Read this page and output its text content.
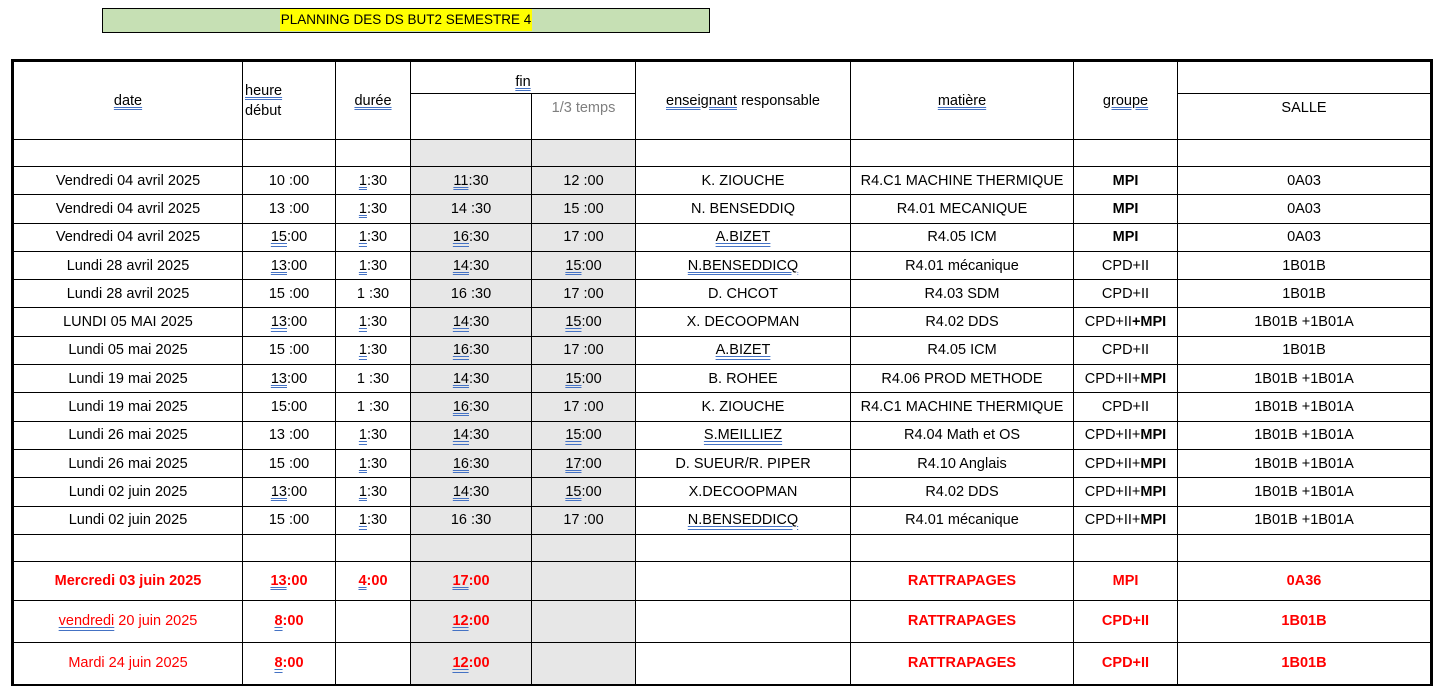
PLANNING DES DS BUT2 SEMESTRE 4
date	heure
début	durée	fin		enseignant responsable	matière	groupe	
				1/3 temps				SALLE

Vendredi 04 avril 2025	10 :00	1:30	11:30	12 :00	K. ZIOUCHE	R4.C1 MACHINE THERMIQUE	MPI	0A03
Vendredi 04 avril 2025	13 :00	1:30	14 :30	15 :00	N. BENSEDDIQ	R4.01 MECANIQUE	MPI	0A03
Vendredi 04 avril 2025	15:00	1:30	16:30	17 :00	A.BIZET	R4.05 ICM	MPI	0A03
Lundi 28 avril 2025	13:00	1:30	14:30	15:00	N.BENSEDDICQ	R4.01 mécanique	CPD+II	1B01B
Lundi 28 avril 2025	15 :00	1 :30	16 :30	17 :00	D. CHCOT	R4.03 SDM	CPD+II	1B01B
LUNDI 05 MAI 2025	13:00	1:30	14:30	15:00	X. DECOOPMAN	R4.02 DDS	CPD+II+MPI	1B01B +1B01A
Lundi 05 mai 2025	15 :00	1:30	16:30	17 :00	A.BIZET	R4.05 ICM	CPD+II	1B01B
Lundi 19 mai 2025	13:00	1 :30	14:30	15:00	B. ROHEE	R4.06 PROD METHODE	CPD+II+MPI	1B01B +1B01A
Lundi 19 mai 2025	15:00	1 :30	16:30	17 :00	K. ZIOUCHE	R4.C1 MACHINE THERMIQUE	CPD+II	1B01B +1B01A
Lundi 26 mai 2025	13 :00	1:30	14:30	15:00	S.MEILLIEZ	R4.04 Math et OS	CPD+II+MPI	1B01B +1B01A
Lundi 26 mai 2025	15 :00	1:30	16:30	17:00	D. SUEUR/R. PIPER	R4.10 Anglais	CPD+II+MPI	1B01B +1B01A
Lundi 02 juin 2025	13:00	1:30	14:30	15:00	X.DECOOPMAN	R4.02 DDS	CPD+II+MPI	1B01B +1B01A
Lundi 02 juin 2025	15 :00	1:30	16 :30	17 :00	N.BENSEDDICQ	R4.01 mécanique	CPD+II+MPI	1B01B +1B01A

Mercredi 03 juin 2025	13:00	4:00	17:00			RATTRAPAGES	MPI	0A36
vendredi 20 juin 2025	8:00		12:00			RATTRAPAGES	CPD+II	1B01B
Mardi 24 juin 2025	8:00		12:00			RATTRAPAGES	CPD+II	1B01B
